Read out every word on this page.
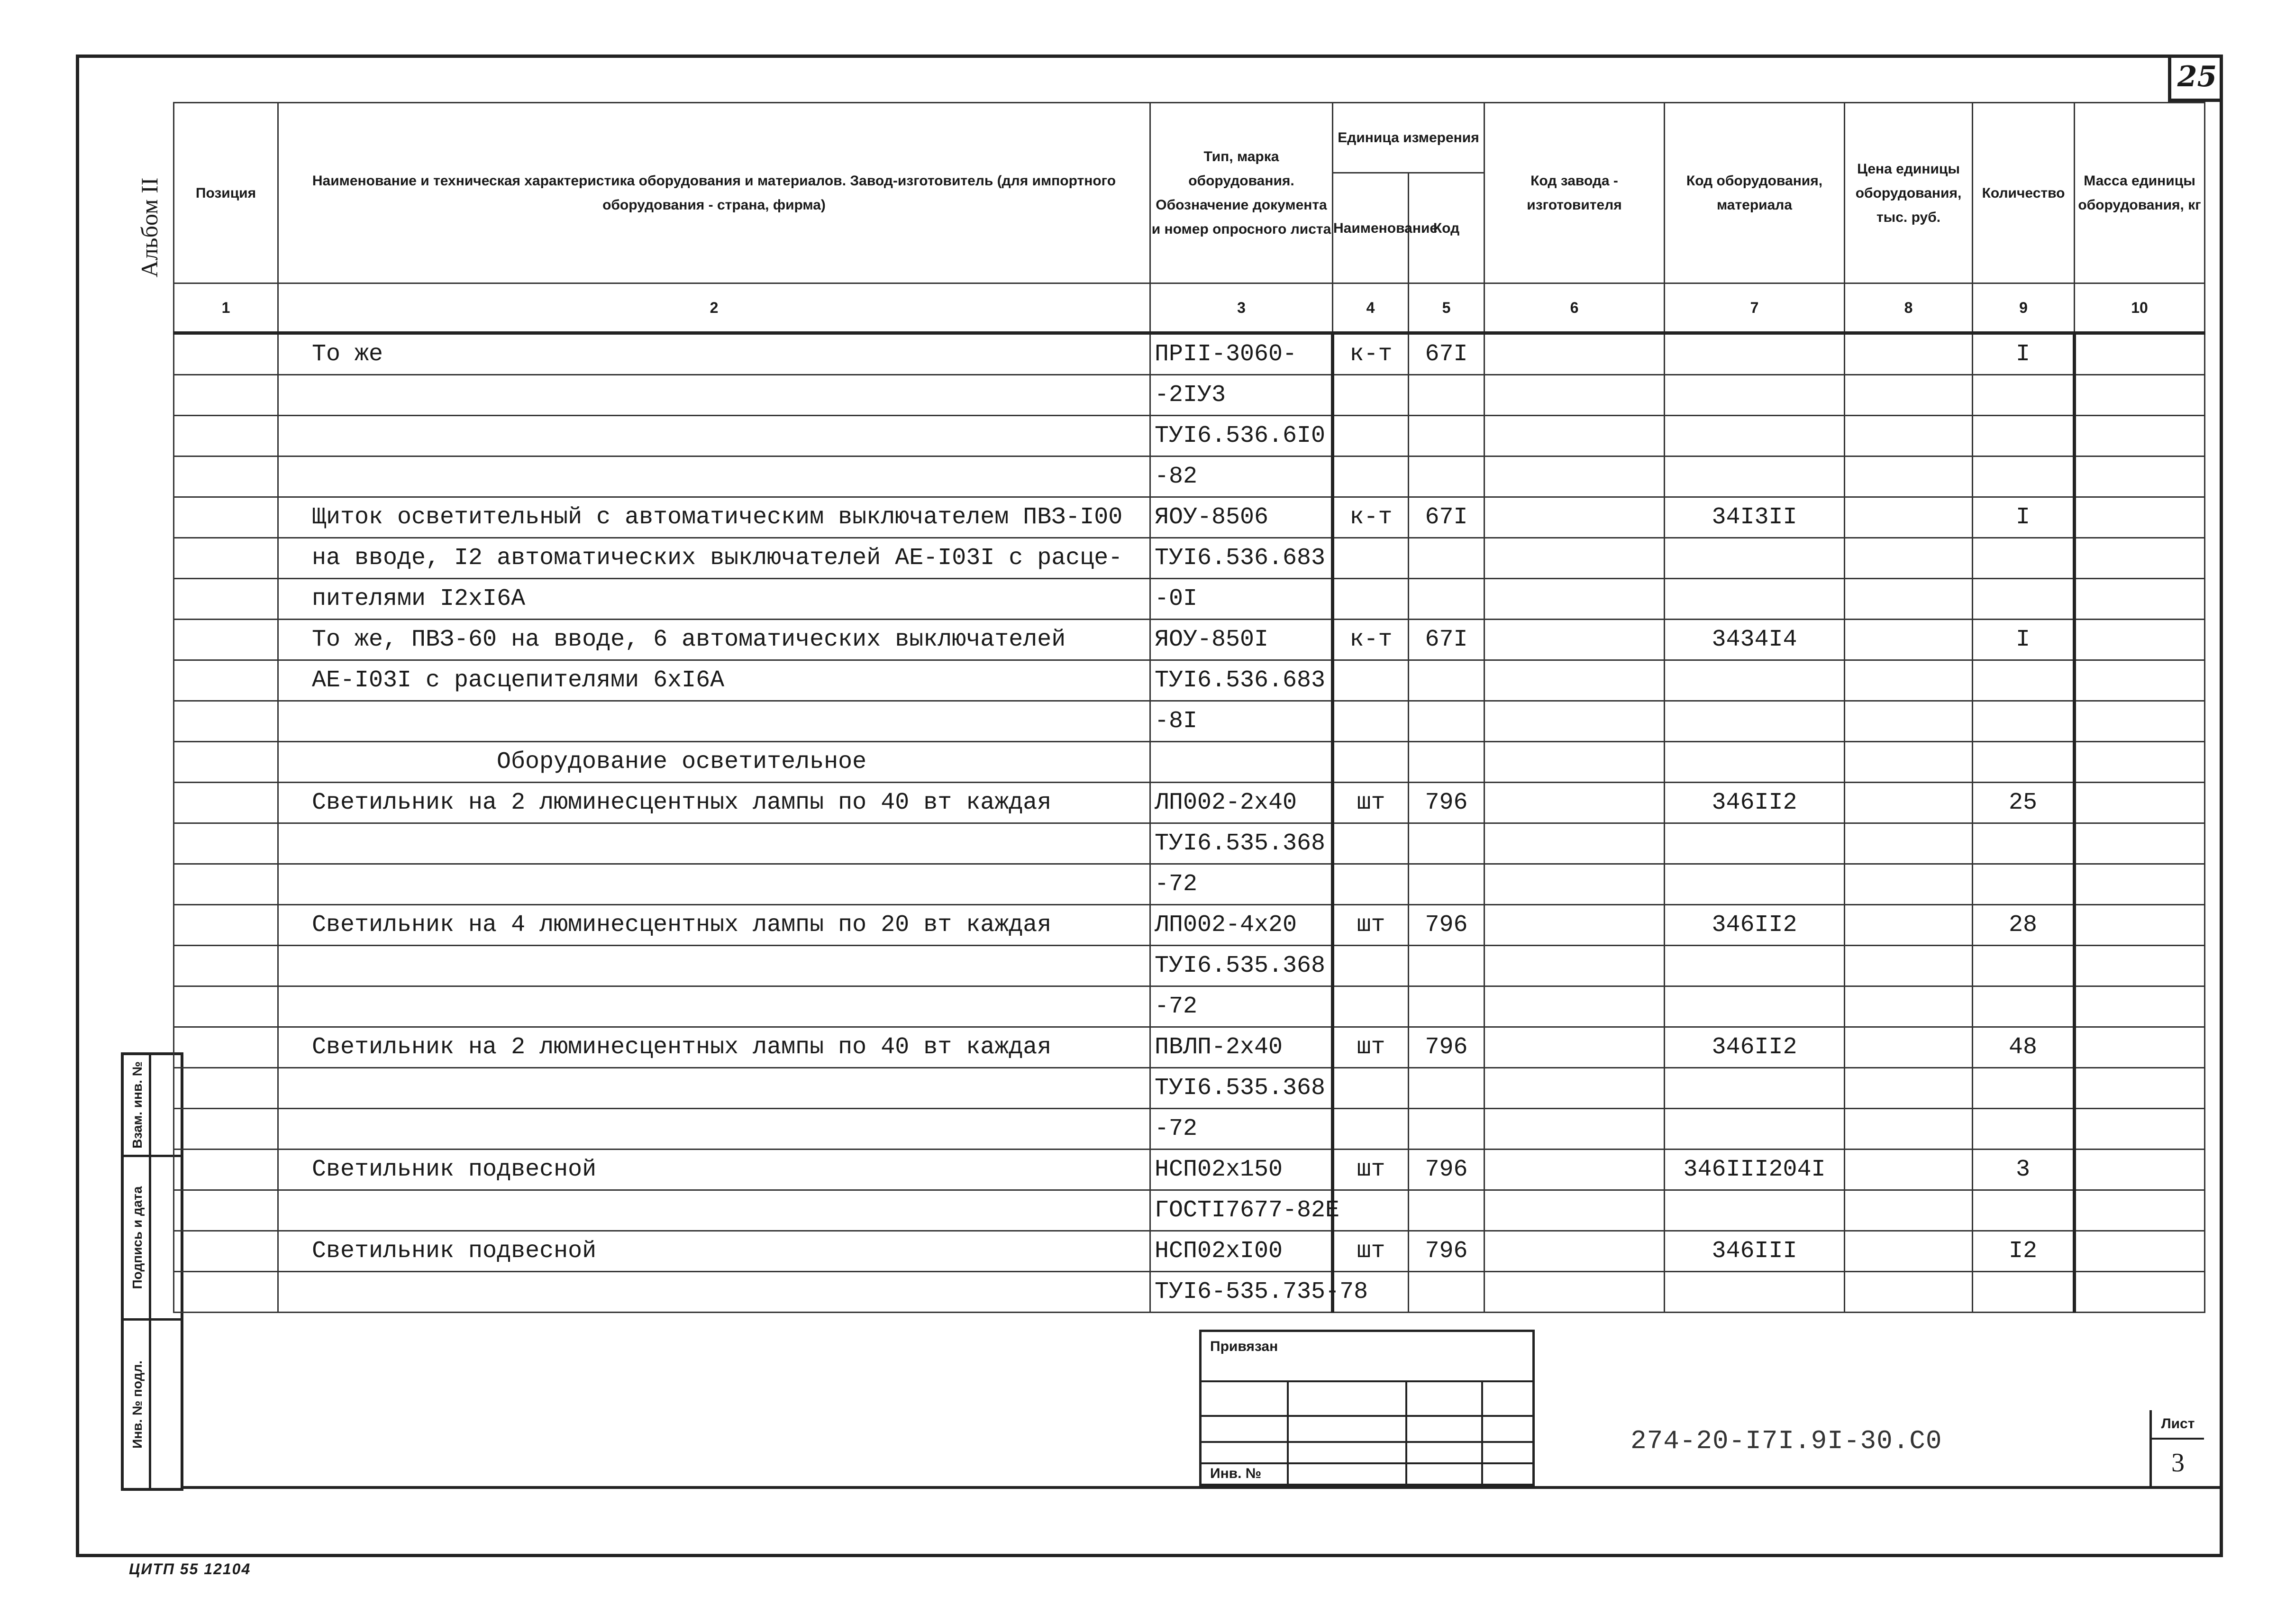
25
Альбом II
Взам. инв. №
Подпись и дата
Инв. № подл.
Позиция	Наименование и техническая характеристика оборудования и материалов. Завод-изготовитель (для импортного оборудования - страна, фирма)	Тип, марка оборудования. Обозначение документа и номер опросного листа	Единица измерения		Код завода - изготовителя	Код оборудования, материала	Цена единицы оборудования, тыс. руб.	Количество	Масса единицы оборудования, кг
			Наименование	Код					
1	2	3	4	5	6	7	8	9	10
	То же	ПРII-3060-	к-т	67I				I	
		-2IУ3							
		ТУI6.536.6I0							
		-82							
	Щиток осветительный с автоматическим выключателем ПВЗ-I00	ЯОУ-8506	к-т	67I		34I3II		I	
	на вводе, I2 автоматических выключателей АЕ-I03I с расце-	ТУI6.536.683							
	пителями I2хI6А	-0I							
	То же, ПВЗ-60 на вводе, 6 автоматических выключателей	ЯОУ-850I	к-т	67I		3434I4		I	
	АЕ-I03I с расцепителями 6хI6А	ТУI6.536.683							
		-8I							
	Оборудование осветительное								
	Светильник на 2 люминесцентных лампы по 40 вт каждая	ЛП002-2х40	шт	796		346II2		25	
		ТУI6.535.368							
		-72							
	Светильник на 4 люминесцентных лампы по 20 вт каждая	ЛП002-4х20	шт	796		346II2		28	
		ТУI6.535.368							
		-72							
	Светильник на 2 люминесцентных лампы по 40 вт каждая	ПВЛП-2х40	шт	796		346II2		48	
		ТУI6.535.368							
		-72							
	Светильник подвесной	НСП02х150	шт	796		346III204I		3	
		ГОСТI7677-82Е							
	Светильник подвесной	НСП02хI00	шт	796		346III		I2	
		ТУI6-535.735-78							
Привязан
Инв. №
274-20-I7I.9I-30.С0
Лист
3
ЦИТП 55 12104
